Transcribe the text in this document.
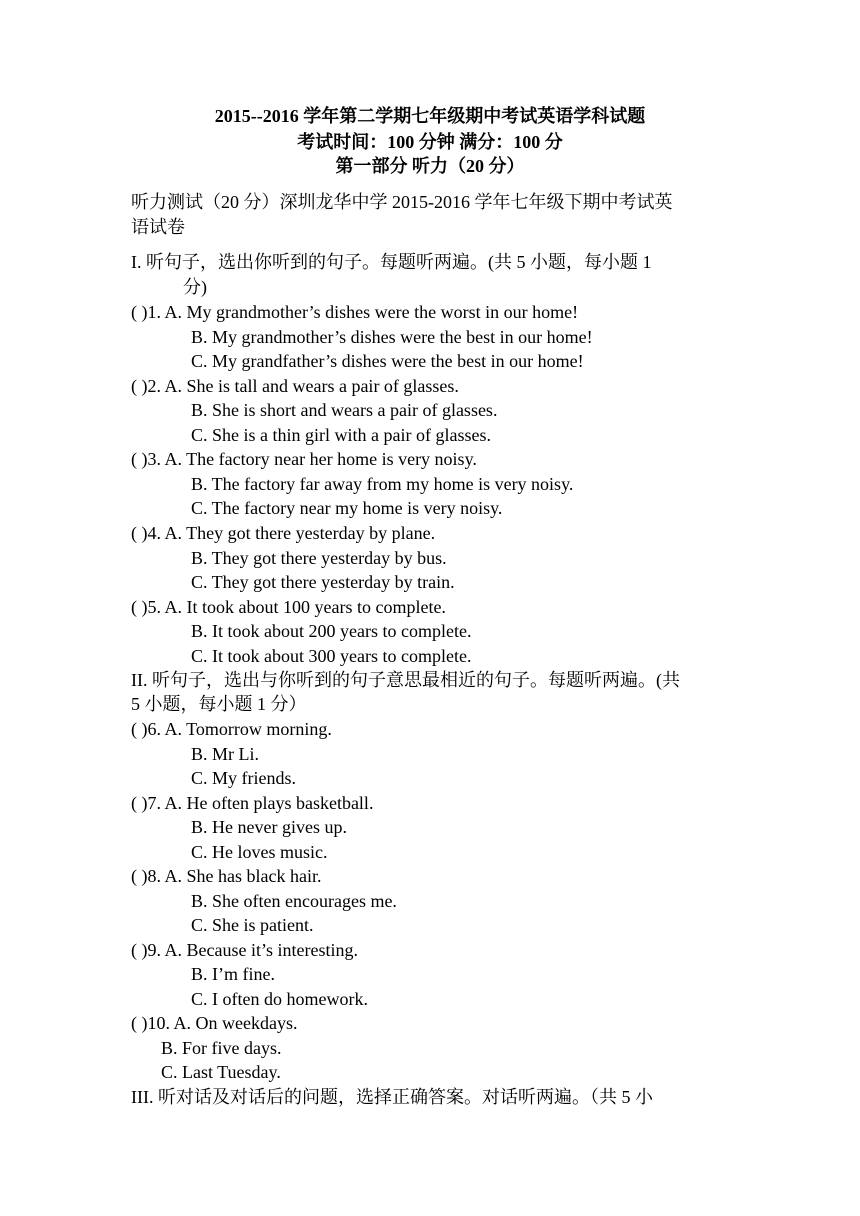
2015--2016 学年第二学期七年级期中考试英语学科试题
考试时间：100 分钟 满分：100 分
第一部分 听力（20 分）
听力测试（20 分）深圳龙华中学 2015-2016 学年七年级下期中考试英
语试卷
I. 听句子，选出你听到的句子。每题听两遍。(共 5 小题，每小题 1
分)
( )1. A. My grandmother’s dishes were the worst in our home!
B. My grandmother’s dishes were the best in our home!
C. My grandfather’s dishes were the best in our home!
( )2. A. She is tall and wears a pair of glasses.
B. She is short and wears a pair of glasses.
C. She is a thin girl with a pair of glasses.
( )3. A. The factory near her home is very noisy.
B. The factory far away from my home is very noisy.
C. The factory near my home is very noisy.
( )4. A. They got there yesterday by plane.
B. They got there yesterday by bus.
C. They got there yesterday by train.
( )5. A. It took about 100 years to complete.
B. It took about 200 years to complete.
C. It took about 300 years to complete.
II. 听句子，选出与你听到的句子意思最相近的句子。每题听两遍。(共
5 小题，每小题 1 分）
( )6. A. Tomorrow morning.
B. Mr Li.
C. My friends.
( )7. A. He often plays basketball.
B. He never gives up.
C. He loves music.
( )8. A. She has black hair.
B. She often encourages me.
C. She is patient.
( )9. A. Because it’s interesting.
B. I’m fine.
C. I often do homework.
( )10. A. On weekdays.
B. For five days.
C. Last Tuesday.
III. 听对话及对话后的问题，选择正确答案。对话听两遍。（共 5 小
